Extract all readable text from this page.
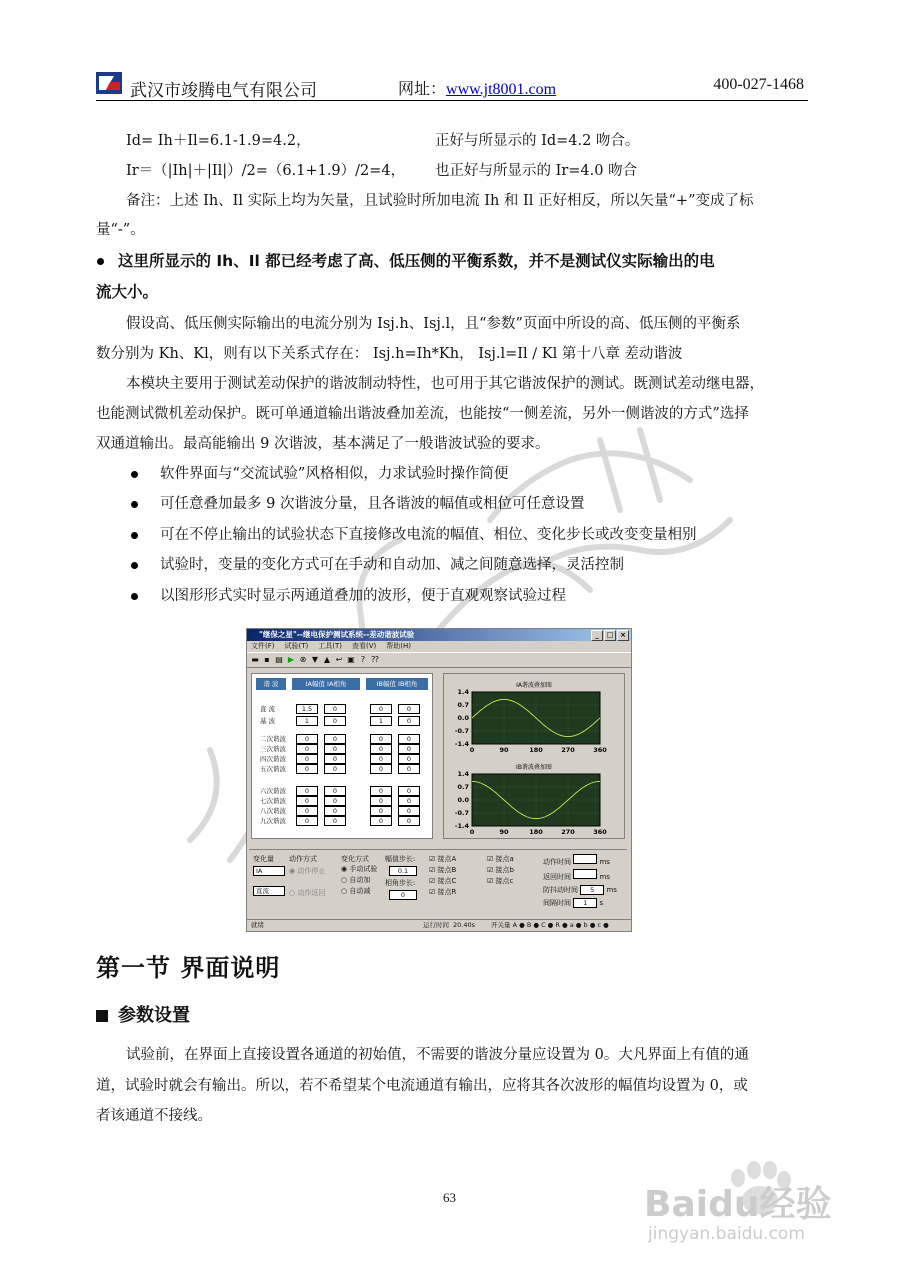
武汉市竣腾电气有限公司	网址：www.jt8001.com	400-027-1468
Id= Ih＋Il=6.1-1.9=4.2，	正好与所显示的 Id=4.2 吻合。
Ir＝（|Ih|＋|Il|）/2=（6.1+1.9）/2=4， 也正好与所显示的 Ir=4.0 吻合
备注：上述 Ih、Il 实际上均为矢量，且试验时所加电流 Ih 和 Il 正好相反，所以矢量“+”变成了标
量“-”。
这里所显示的 Ih、Il 都已经考虑了高、低压侧的平衡系数，并不是测试仪实际输出的电
流大小。
假设高、低压侧实际输出的电流分别为 Isj.h、Isj.l，且“参数”页面中所设的高、低压侧的平衡系
数分别为 Kh、Kl，则有以下关系式存在： Isj.h=Ih*Kh， Isj.l=Il ∕ Kl 第十八章 差动谐波
本模块主要用于测试差动保护的谐波制动特性，也可用于其它谐波保护的测试。既测试差动继电器，
也能测试微机差动保护。既可单通道输出谐波叠加差流，也能按“一侧差流，另外一侧谐波的方式”选择
双通道输出。最高能输出 9 次谐波，基本满足了一般谐波试验的要求。
软件界面与“交流试验”风格相似，力求试验时操作简便
可任意叠加最多 9 次谐波分量，且各谐波的幅值或相位可任意设置
可在不停止输出的试验状态下直接修改电流的幅值、相位、变化步长或改变变量相别
试验时，变量的变化方式可在手动和自动加、减之间随意选择，灵活控制
以图形形式实时显示两通道叠加的波形，便于直观观察试验过程
"继保之星"--继电保护测试系统--差动谐波试验	_	□ ×
文件(F) 试验(T) 工具(T) 查看(V) 帮助(H)
▬ ▪ ▤ ▶ ⊗ ▼ ▲ ↩ ▣ ? ⁇
谐 波	IA幅值 IA相角	IB幅值 IB相角
直 流	1.5	0	0	0
基 波	1	0	1	0
二次谐波	0	0	0	0
三次谐波	0	0	0	0
四次谐波	0	0	0	0
五次谐波	0	0	0	0
六次谐波	0	0	0	0
七次谐波	0	0	0	0
八次谐波	0	0	0	0
九次谐波	0	0	0	0
IA谐波叠加图
1.4
0.7
0.0
-0.7
-1.4
0	90	180	270	360
IB谐波叠加图
1.4
0.7
0.0
-0.7
-1.4
0	90	180	270	360
变化量
IA
直流
动作方式
◉ 动作停止
○ 动作返回
变化方式
◉ 手动试验
○ 自动加
○ 自动减
幅值步长:
0.1
相角步长:
0
☑ 接点A
☑ 接点B
☑ 接点C
☑ 接点R
☑ 接点a
☑ 接点b
☑ 接点c
动作时间	ms
返回时间	ms
防抖动时间 5 ms
间隔时间 1 s
就绪	运行时间 20.40s 开关量 A ● B ● C ● R ● a ● b ● c ●
第一节 界面说明
参数设置
试验前，在界面上直接设置各通道的初始值，不需要的谐波分量应设置为 0。大凡界面上有值的通
道，试验时就会有输出。所以，若不希望某个电流通道有输出，应将其各次波形的幅值均设置为 0，或
者该通道不接线。
63	Baidu经验
jingyan.baidu.com
